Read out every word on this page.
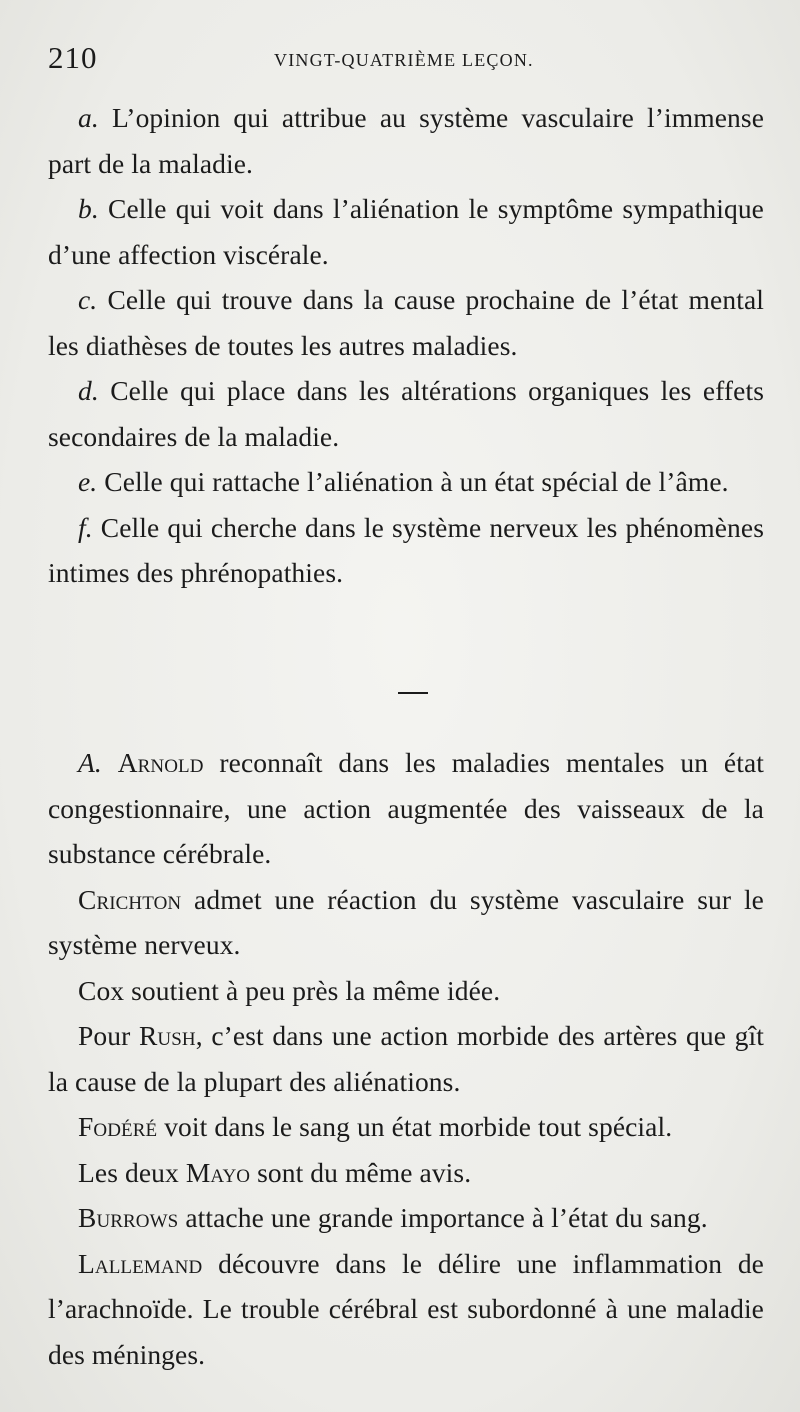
210	VINGT-QUATRIÈME LEÇON.

a. L’opinion qui attribue au système vasculaire l’immense part de la maladie.

b. Celle qui voit dans l’aliénation le symptôme sympathique d’une affection viscérale.

c. Celle qui trouve dans la cause prochaine de l’état mental les diathèses de toutes les autres maladies.

d. Celle qui place dans les altérations organiques les effets secondaires de la maladie.

e. Celle qui rattache l’aliénation à un état spécial de l’âme.

f. Celle qui cherche dans le système nerveux les phénomènes intimes des phrénopathies.

A. Arnold reconnaît dans les maladies mentales un état congestionnaire, une action augmentée des vaisseaux de la substance cérébrale.

Crichton admet une réaction du système vasculaire sur le système nerveux.

Cox soutient à peu près la même idée.

Pour Rush, c’est dans une action morbide des artères que gît la cause de la plupart des aliénations.

Fodéré voit dans le sang un état morbide tout spécial.

Les deux Mayo sont du même avis.

Burrows attache une grande importance à l’état du sang.

Lallemand découvre dans le délire une inflammation de l’arachnoïde. Le trouble cérébral est subordonné à une maladie des méninges.
